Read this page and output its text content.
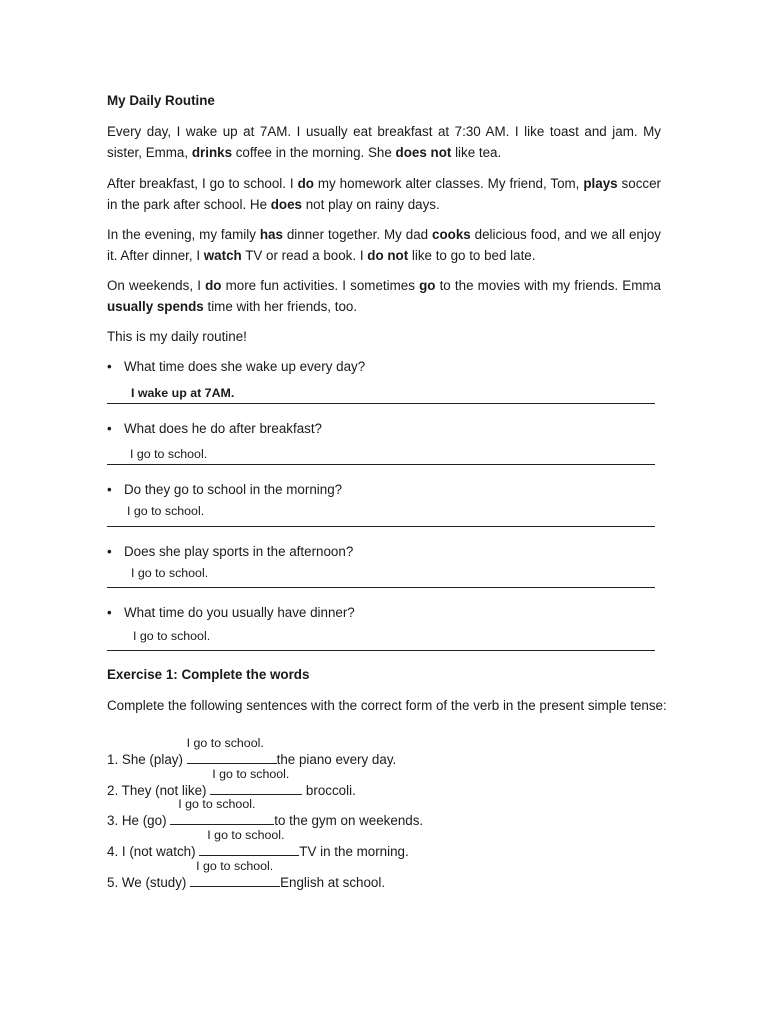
My Daily Routine
Every day, I wake up at 7AM. I usually eat breakfast at 7:30 AM. I like toast and jam. My sister, Emma, drinks coffee in the morning. She does not like tea.
After breakfast, I go to school. I do my homework alter classes. My friend, Tom, plays soccer in the park after school. He does not play on rainy days.
In the evening, my family has dinner together. My dad cooks delicious food, and we all enjoy it. After dinner, I watch TV or read a book. I do not like to go to bed late.
On weekends, I do more fun activities. I sometimes go to the movies with my friends. Emma usually spends time with her friends, too.
This is my daily routine!
• What time does she wake up every day?
I wake up at 7AM.
• What does he do after breakfast?
I go to school.
• Do they go to school in the morning?
I go to school.
• Does she play sports in the afternoon?
I go to school.
• What time do you usually have dinner?
I go to school.
Exercise 1: Complete the words
Complete the following sentences with the correct form of the verb in the present simple tense:
1. She (play)
I go to school.
the piano every day.
2. They (not like)
I go to school.
broccoli.
3. He (go)
I go to school.
to the gym on weekends.
4. I (not watch)
I go to school.
TV in the morning.
5. We (study)
I go to school.
English at school.
